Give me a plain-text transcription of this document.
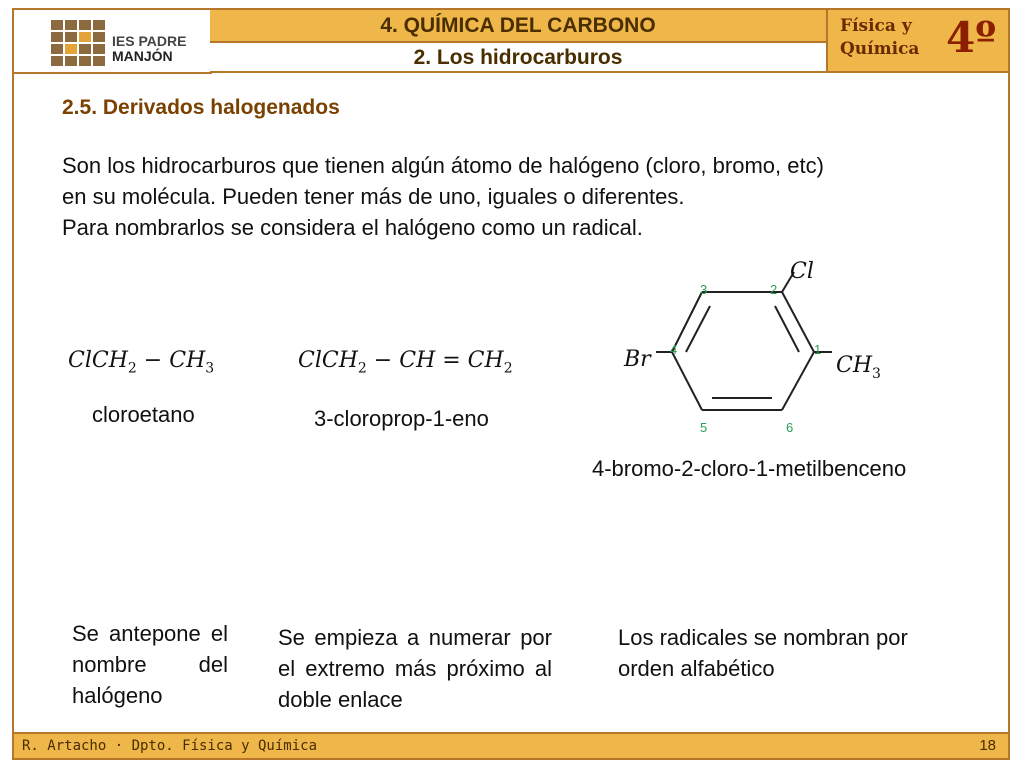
IES PADRE
MANJÓN
4. QUÍMICA DEL CARBONO
2. Los hidrocarburos
Física y
Química 4º
2.5. Derivados halogenados
Son los hidrocarburos que tienen algún átomo de halógeno (cloro, bromo, etc)
en su molécula. Pueden tener más de uno, iguales o diferentes.
Para nombrarlos se considera el halógeno como un radical.
ClCH$_2$ − $CH_3$
cloroetano
ClCH$_2$ − CH = $CH_2$
3-cloroprop-1-eno
Cl
Br	$CH_3$
1
2
3
4
5	6
4-bromo-2-cloro-1-metilbenceno
Se antepone el nombre del halógeno
Se empieza a numerar por el extremo más próximo al doble enlace
Los radicales se nombran por orden alfabético
R. Artacho · Dpto. Física y Química	18
